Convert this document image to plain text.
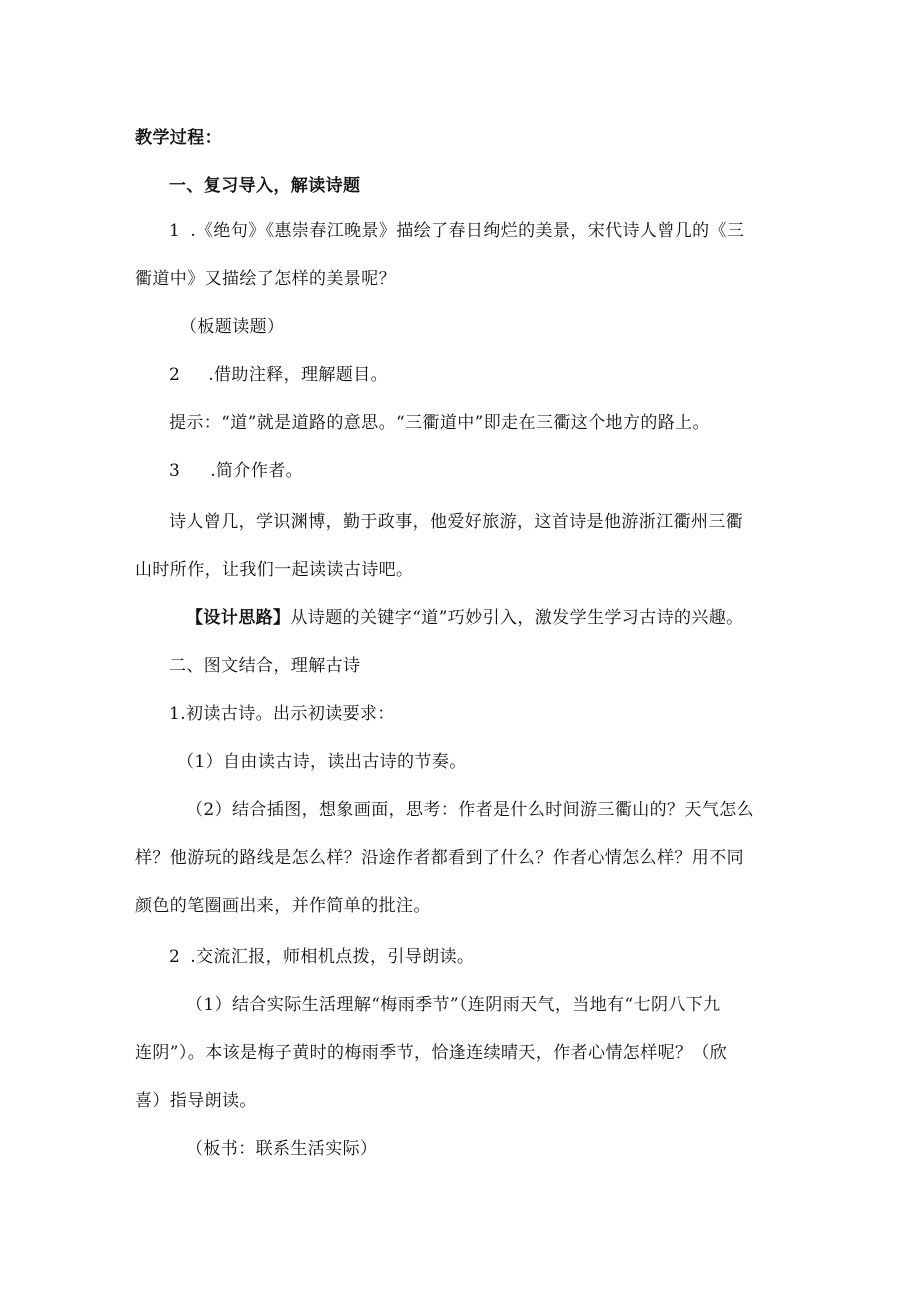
教学过程：
一、复习导入，解读诗题
1 .《绝句》《惠崇春江晚景》描绘了春日绚烂的美景，宋代诗人曾几的《三
衢道中》又描绘了怎样的美景呢？
（板题读题）
2 .借助注释，理解题目。
提示：“道”就是道路的意思。“三衢道中”即走在三衢这个地方的路上。
3 .简介作者。
诗人曾几，学识渊博，勤于政事，他爱好旅游，这首诗是他游浙江衢州三衢
山时所作，让我们一起读读古诗吧。
【设计思路】从诗题的关键字“道”巧妙引入，激发学生学习古诗的兴趣。
二、图文结合，理解古诗
1.初读古诗。出示初读要求：
（1）自由读古诗，读出古诗的节奏。
（2）结合插图，想象画面，思考：作者是什么时间游三衢山的？天气怎么
样？他游玩的路线是怎么样？沿途作者都看到了什么？作者心情怎么样？用不同
颜色的笔圈画出来，并作简单的批注。
2 .交流汇报，师相机点拨，引导朗读。
（1）结合实际生活理解“梅雨季节”（连阴雨天气，当地有“七阴八下九
连阴”）。本该是梅子黄时的梅雨季节，恰逢连续晴天，作者心情怎样呢？（欣
喜）指导朗读。
（板书：联系生活实际）
